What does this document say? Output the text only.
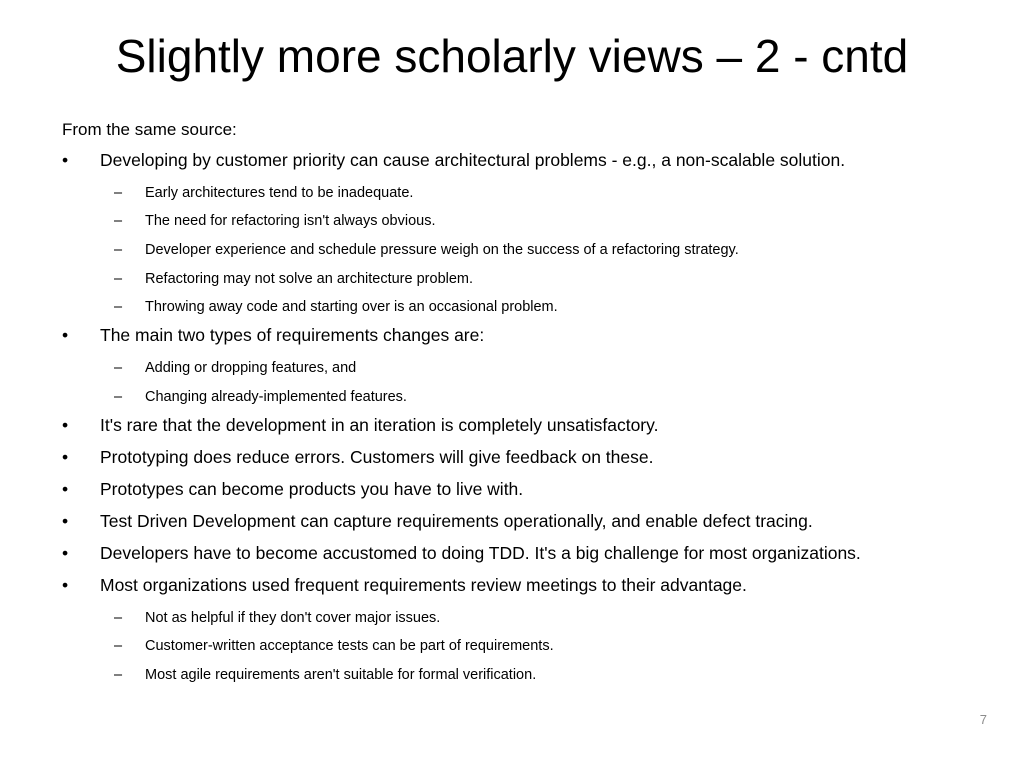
Slightly more scholarly views – 2 - cntd
From the same source:
• Developing by customer priority can cause architectural problems - e.g., a non-scalable solution.
– Early architectures tend to be inadequate.
– The need for refactoring isn't always obvious.
– Developer experience and schedule pressure weigh on the success of a refactoring strategy.
– Refactoring may not solve an architecture problem.
– Throwing away code and starting over is an occasional problem.
• The main two types of requirements changes are:
– Adding or dropping features, and
– Changing already-implemented features.
• It's rare that the development in an iteration is completely unsatisfactory.
• Prototyping does reduce errors. Customers will give feedback on these.
• Prototypes can become products you have to live with.
• Test Driven Development can capture requirements operationally, and enable defect tracing.
• Developers have to become accustomed to doing TDD. It's a big challenge for most organizations.
• Most organizations used frequent requirements review meetings to their advantage.
– Not as helpful if they don't cover major issues.
– Customer-written acceptance tests can be part of requirements.
– Most agile requirements aren't suitable for formal verification.
7
